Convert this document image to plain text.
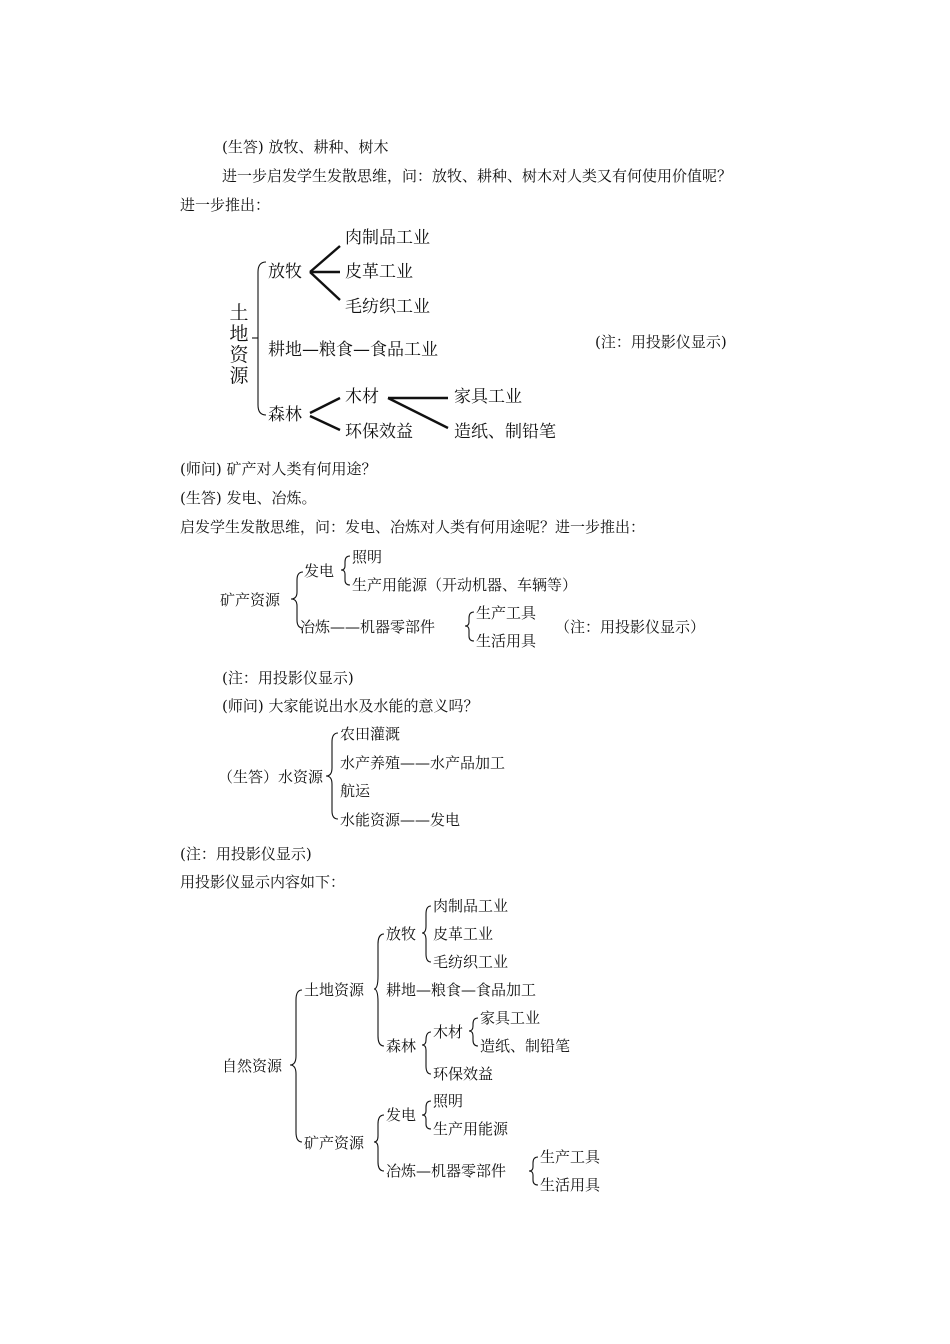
(生答) 放牧、耕种、树木
进一步启发学生发散思维，问：放牧、耕种、树木对人类又有何使用价值呢？
进一步推出：
土
地
资
源
放牧
肉制品工业
皮革工业
毛纺织工业
耕地—粮食—食品工业
森林
木材
环保效益
家具工业
造纸、制铅笔
(注：用投影仪显示)
(师问) 矿产对人类有何用途？
(生答) 发电、冶炼。
启发学生发散思维，问：发电、冶炼对人类有何用途呢？进一步推出：
矿产资源
发电
照明
生产用能源（开动机器、车辆等）
冶炼——机器零部件
生产工具
生活用具
（注：用投影仪显示）
(注：用投影仪显示)
(师问) 大家能说出水及水能的意义吗？
（生答）水资源
农田灌溉
水产养殖——水产品加工
航运
水能资源——发电
(注：用投影仪显示)
用投影仪显示内容如下：
自然资源
土地资源
放牧
肉制品工业
皮革工业
毛纺织工业
耕地—粮食—食品加工
森林
木材
家具工业
造纸、制铅笔
环保效益
矿产资源
发电
照明
生产用能源
冶炼—机器零部件
生产工具
生活用具
